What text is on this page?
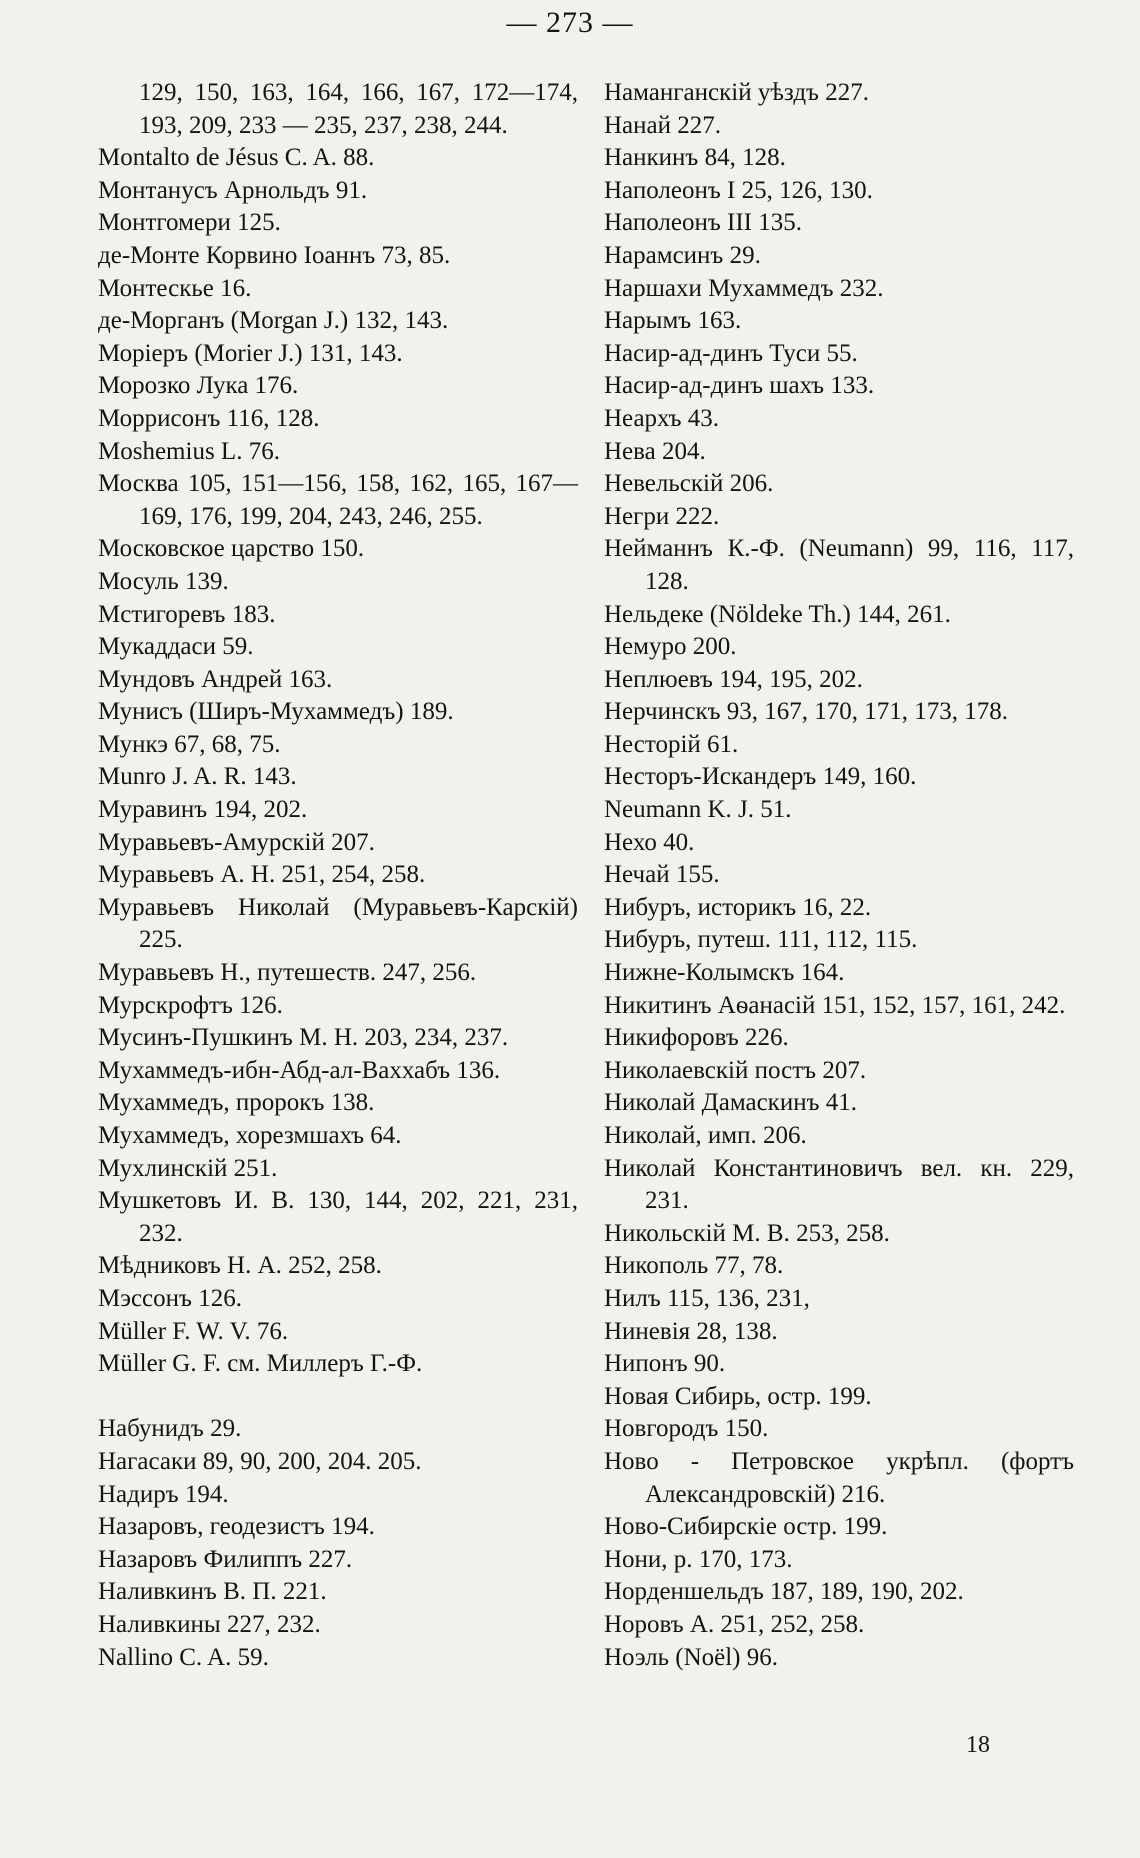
— 273 —
129, 150, 163, 164, 166, 167, 172—174, 193, 209, 233 — 235, 237, 238, 244.
Montalto de Jésus C. A. 88.
Монтанусъ Арнольдъ 91.
Монтгомери 125.
де-Монте Корвино Іоаннъ 73, 85.
Монтескье 16.
де-Морганъ (Morgan J.) 132, 143.
Моріеръ (Morier J.) 131, 143.
Морозко Лука 176.
Моррисонъ 116, 128.
Moshemius L. 76.
Москва 105, 151—156, 158, 162, 165, 167—169, 176, 199, 204, 243, 246, 255.
Московское царство 150.
Мосуль 139.
Мстигоревъ 183.
Мукаддаси 59.
Мундовъ Андрей 163.
Мунисъ (Ширъ-Мухаммедъ) 189.
Мункэ 67, 68, 75.
Munro J. A. R. 143.
Муравинъ 194, 202.
Муравьевъ-Амурскій 207.
Муравьевъ А. Н. 251, 254, 258.
Муравьевъ Николай (Муравьевъ-Карскій) 225.
Муравьевъ Н., путешеств. 247, 256.
Мурскрофтъ 126.
Мусинъ-Пушкинъ М. Н. 203, 234, 237.
Мухаммедъ-ибн-Абд-ал-Ваххабъ 136.
Мухаммедъ, пророкъ 138.
Мухаммедъ, хорезмшахъ 64.
Мухлинскій 251.
Мушкетовъ И. В. 130, 144, 202, 221, 231, 232.
Мѣдниковъ Н. А. 252, 258.
Мэссонъ 126.
Müller F. W. V. 76.
Müller G. F. см. Миллеръ Г.-Ф.
Набунидъ 29.
Нагасаки 89, 90, 200, 204. 205.
Надиръ 194.
Назаровъ, геодезистъ 194.
Назаровъ Филиппъ 227.
Наливкинъ В. П. 221.
Наливкины 227, 232.
Nallino C. A. 59.
Наманганскій уѣздъ 227.
Нанай 227.
Нанкинъ 84, 128.
Наполеонъ I 25, 126, 130.
Наполеонъ III 135.
Нарамсинъ 29.
Наршахи Мухаммедъ 232.
Нарымъ 163.
Насир-ад-динъ Туси 55.
Насир-ад-динъ шахъ 133.
Неархъ 43.
Нева 204.
Невельскій 206.
Негри 222.
Нейманнъ К.-Ф. (Neumann) 99, 116, 117, 128.
Нельдеке (Nöldeke Th.) 144, 261.
Немуро 200.
Неплюевъ 194, 195, 202.
Нерчинскъ 93, 167, 170, 171, 173, 178.
Несторій 61.
Несторъ-Искандеръ 149, 160.
Neumann K. J. 51.
Нехо 40.
Нечай 155.
Нибуръ, историкъ 16, 22.
Нибуръ, путеш. 111, 112, 115.
Нижне-Колымскъ 164.
Никитинъ Аѳанасій 151, 152, 157, 161, 242.
Никифоровъ 226.
Николаевскій постъ 207.
Николай Дамаскинъ 41.
Николай, имп. 206.
Николай Константиновичъ вел. кн. 229, 231.
Никольскій М. В. 253, 258.
Никополь 77, 78.
Нилъ 115, 136, 231,
Ниневія 28, 138.
Нипонъ 90.
Новая Сибирь, остр. 199.
Новгородъ 150.
Ново - Петровское укрѣпл. (фортъ Александровскій) 216.
Ново-Сибирскіе остр. 199.
Нони, р. 170, 173.
Норденшельдъ 187, 189, 190, 202.
Норовъ А. 251, 252, 258.
Ноэль (Noël) 96.
18
